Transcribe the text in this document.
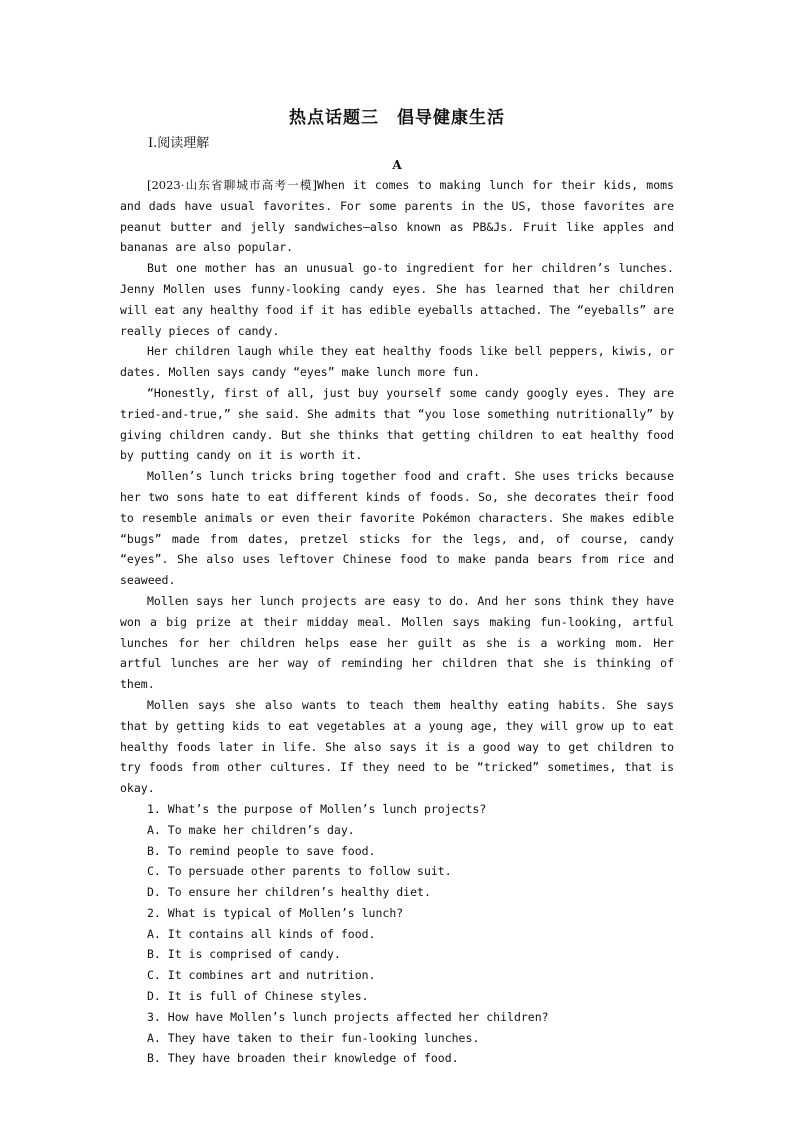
热点话题三　倡导健康生活

Ⅰ.阅读理解

A

[2023·山东省聊城市高考一模]When it comes to making lunch for their kids, moms and dads have usual favorites. For some parents in the US, those favorites are peanut butter and jelly sandwiches—also known as PB&Js. Fruit like apples and bananas are also popular.

But one mother has an unusual go-to ingredient for her children’s lunches. Jenny Mollen uses funny-looking candy eyes. She has learned that her children will eat any healthy food if it has edible eyeballs attached. The “eyeballs” are really pieces of candy.

Her children laugh while they eat healthy foods like bell peppers, kiwis, or dates. Mollen says candy “eyes” make lunch more fun.

“Honestly, first of all, just buy yourself some candy googly eyes. They are tried-and-true,” she said. She admits that “you lose something nutritionally” by giving children candy. But she thinks that getting children to eat healthy food by putting candy on it is worth it.

Mollen’s lunch tricks bring together food and craft. She uses tricks because her two sons hate to eat different kinds of foods. So, she decorates their food to resemble animals or even their favorite Pokémon characters. She makes edible “bugs” made from dates, pretzel sticks for the legs, and, of course, candy “eyes”. She also uses leftover Chinese food to make panda bears from rice and seaweed.

Mollen says her lunch projects are easy to do. And her sons think they have won a big prize at their midday meal. Mollen says making fun-looking, artful lunches for her children helps ease her guilt as she is a working mom. Her artful lunches are her way of reminding her children that she is thinking of them.

Mollen says she also wants to teach them healthy eating habits. She says that by getting kids to eat vegetables at a young age, they will grow up to eat healthy foods later in life. She also says it is a good way to get children to try foods from other cultures. If they need to be “tricked” sometimes, that is okay.

1. What’s the purpose of Mollen’s lunch projects?

A. To make her children’s day.

B. To remind people to save food.

C. To persuade other parents to follow suit.

D. To ensure her children’s healthy diet.

2. What is typical of Mollen’s lunch?

A. It contains all kinds of food.

B. It is comprised of candy.

C. It combines art and nutrition.

D. It is full of Chinese styles.

3. How have Mollen’s lunch projects affected her children?

A. They have taken to their fun-looking lunches.

B. They have broaden their knowledge of food.
